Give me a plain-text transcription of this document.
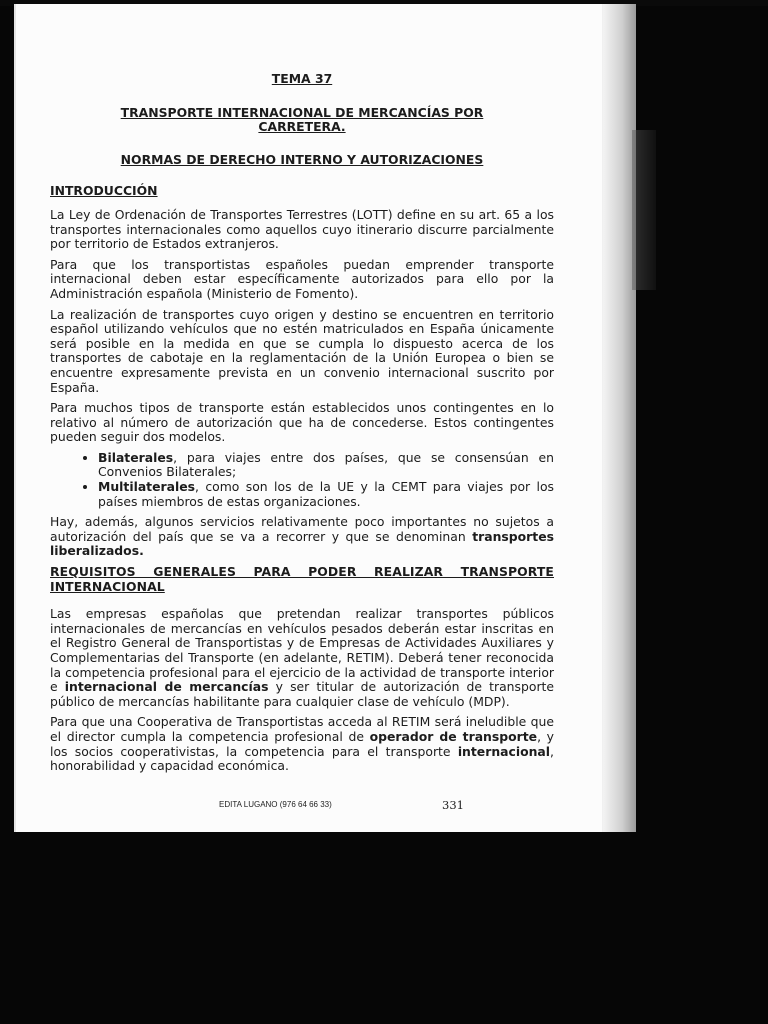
TEMA 37
TRANSPORTE INTERNACIONAL DE MERCANCÍAS POR CARRETERA.
NORMAS DE DERECHO INTERNO Y AUTORIZACIONES
INTRODUCCIÓN

La Ley de Ordenación de Transportes Terrestres (LOTT) define en su art. 65 a los transportes internacionales como aquellos cuyo itinerario discurre parcialmente por territorio de Estados extranjeros.

Para que los transportistas españoles puedan emprender transporte internacional deben estar específicamente autorizados para ello por la Administración española (Ministerio de Fomento).

La realización de transportes cuyo origen y destino se encuentren en territorio español utilizando vehículos que no estén matriculados en España únicamente será posible en la medida en que se cumpla lo dispuesto acerca de los transportes de cabotaje en la reglamentación de la Unión Europea o bien se encuentre expresamente prevista en un convenio internacional suscrito por España.

Para muchos tipos de transporte están establecidos unos contingentes en lo relativo al número de autorización que ha de concederse. Estos contingentes pueden seguir dos modelos.

• Bilaterales, para viajes entre dos países, que se consensúan en Convenios Bilaterales;
• Multilaterales, como son los de la UE y la CEMT para viajes por los países miembros de estas organizaciones.

Hay, además, algunos servicios relativamente poco importantes no sujetos a autorización del país que se va a recorrer y que se denominan transportes liberalizados.

REQUISITOS GENERALES PARA PODER REALIZAR TRANSPORTE INTERNACIONAL

Las empresas españolas que pretendan realizar transportes públicos internacionales de mercancías en vehículos pesados deberán estar inscritas en el Registro General de Transportistas y de Empresas de Actividades Auxiliares y Complementarias del Transporte (en adelante, RETIM). Deberá tener reconocida la competencia profesional para el ejercicio de la actividad de transporte interior e internacional de mercancías y ser titular de autorización de transporte público de mercancías habilitante para cualquier clase de vehículo (MDP).

Para que una Cooperativa de Transportistas acceda al RETIM será ineludible que el director cumpla la competencia profesional de operador de transporte, y los socios cooperativistas, la competencia para el transporte internacional, honorabilidad y capacidad económica.

EDITA LUGANO (976 64 66 33)	331
